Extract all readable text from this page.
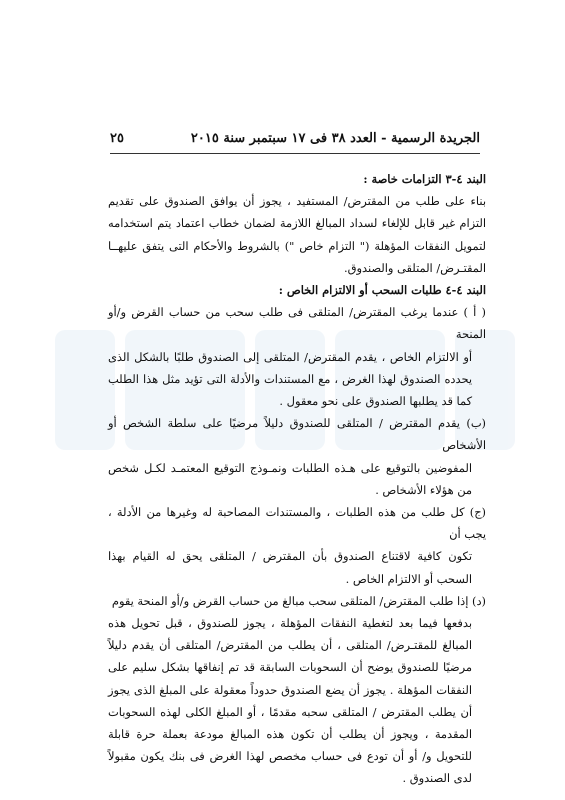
الجريدة الرسمية - العدد ٣٨ فى ١٧ سبتمبر سنة ٢٠١٥
٢٥

البند ٤-٣ التزامات خاصة :

بناء على طلب من المقترض/ المستفيد ، يجوز أن يوافق الصندوق على تقديم التزام غير قابل للإلغاء لسداد المبالغ اللازمة لضمان خطاب اعتماد يتم استخدامه لتمويل النفقات المؤهلة (" التزام خاص ") بالشروط والأحكام التى يتفق عليهــا المقتـرض/ المتلقى والصندوق.

البند ٤-٤ طلبات السحب أو الالتزام الخاص :

( أ ) عندما يرغب المقترض/ المتلقى فى طلب سحب من حساب القرض و/أو المنحة

أو الالتزام الخاص ، يقدم المقترض/ المتلقى إلى الصندوق طلبًا بالشكل الذى يحدده الصندوق لهذا الغرض ، مع المستندات والأدلة التى تؤيد مثل هذا الطلب كما قد يطلبها الصندوق على نحو معقول .

(ب) يقدم المقترض / المتلقى للصندوق دليلاً مرضيًا على سلطة الشخص أو الأشخاص

المفوضين بالتوقيع على هـذه الطلبات ونمـوذج التوقيع المعتمـد لكـل شخص من هؤلاء الأشخاص .

(ج) كل طلب من هذه الطلبات ، والمستندات المصاحبة له وغيرها من الأدلة ، يجب أن

تكون كافية لاقتناع الصندوق بأن المقترض / المتلقى يحق له القيام بهذا السحب أو الالتزام الخاص .

(د) إذا طلب المقترض/ المتلقى سحب مبالغ من حساب القرض و/أو المنحة يقوم

بدفعها فيما بعد لتغطية النفقات المؤهلة ، يجوز للصندوق ، قبل تحويل هذه المبالغ للمقتـرض/ المتلقى ، أن يطلب من المقترض/ المتلقى أن يقدم دليلاً مرضيًا للصندوق يوضح أن السحوبات السابقة قد تم إنفاقها بشكل سليم على النفقات المؤهلة . يجوز أن يضع الصندوق حدوداً معقولة على المبلغ الذى يجوز أن يطلب المقترض / المتلقى سحبه مقدمًا ، أو المبلغ الكلى لهذه السحوبات المقدمة ، ويجوز أن يطلب أن تكون هذه المبالغ مودعة بعملة حرة قابلة للتحويل و/ أو أن تودع فى حساب مخصص لهذا الغرض فى بنك يكون مقبولاً لدى الصندوق .
